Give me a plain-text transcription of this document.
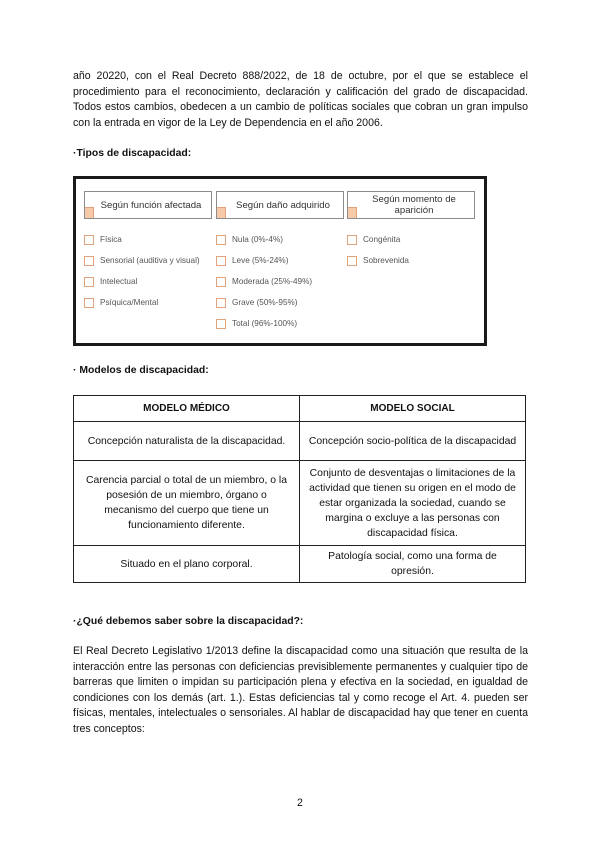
año 20220, con el Real Decreto 888/2022, de 18 de octubre, por el que se establece el procedimiento para el reconocimiento, declaración y calificación del grado de discapacidad. Todos estos cambios, obedecen a un cambio de políticas sociales que cobran un gran impulso con la entrada en vigor de la Ley de Dependencia en el año 2006.

·Tipos de discapacidad:

Según función afectada
Física
Sensorial (auditiva y visual)
Intelectual
Psíquica/Mental
Según daño adquirido
Nula (0%-4%)
Leve (5%-24%)
Moderada (25%-49%)
Grave (50%-95%)
Total (96%-100%)
Según momento de aparición
Congénita
Sobrevenida

· Modelos de discapacidad:

MODELO MÉDICO	MODELO SOCIAL
Concepción naturalista de la discapacidad.	Concepción socio-política de la discapacidad
Carencia parcial o total de un miembro, o la posesión de un miembro, órgano o mecanismo del cuerpo que tiene un funcionamiento diferente.	Conjunto de desventajas o limitaciones de la actividad que tienen su origen en el modo de estar organizada la sociedad, cuando se margina o excluye a las personas con discapacidad física.
Situado en el plano corporal.	Patología social, como una forma de opresión.

·¿Qué debemos saber sobre la discapacidad?:

El Real Decreto Legislativo 1/2013 define la discapacidad como una situación que resulta de la interacción entre las personas con deficiencias previsiblemente permanentes y cualquier tipo de barreras que limiten o impidan su participación plena y efectiva en la sociedad, en igualdad de condiciones con los demás (art. 1.). Estas deficiencias tal y como recoge el Art. 4. pueden ser físicas, mentales, intelectuales o sensoriales. Al hablar de discapacidad hay que tener en cuenta tres conceptos:

2
